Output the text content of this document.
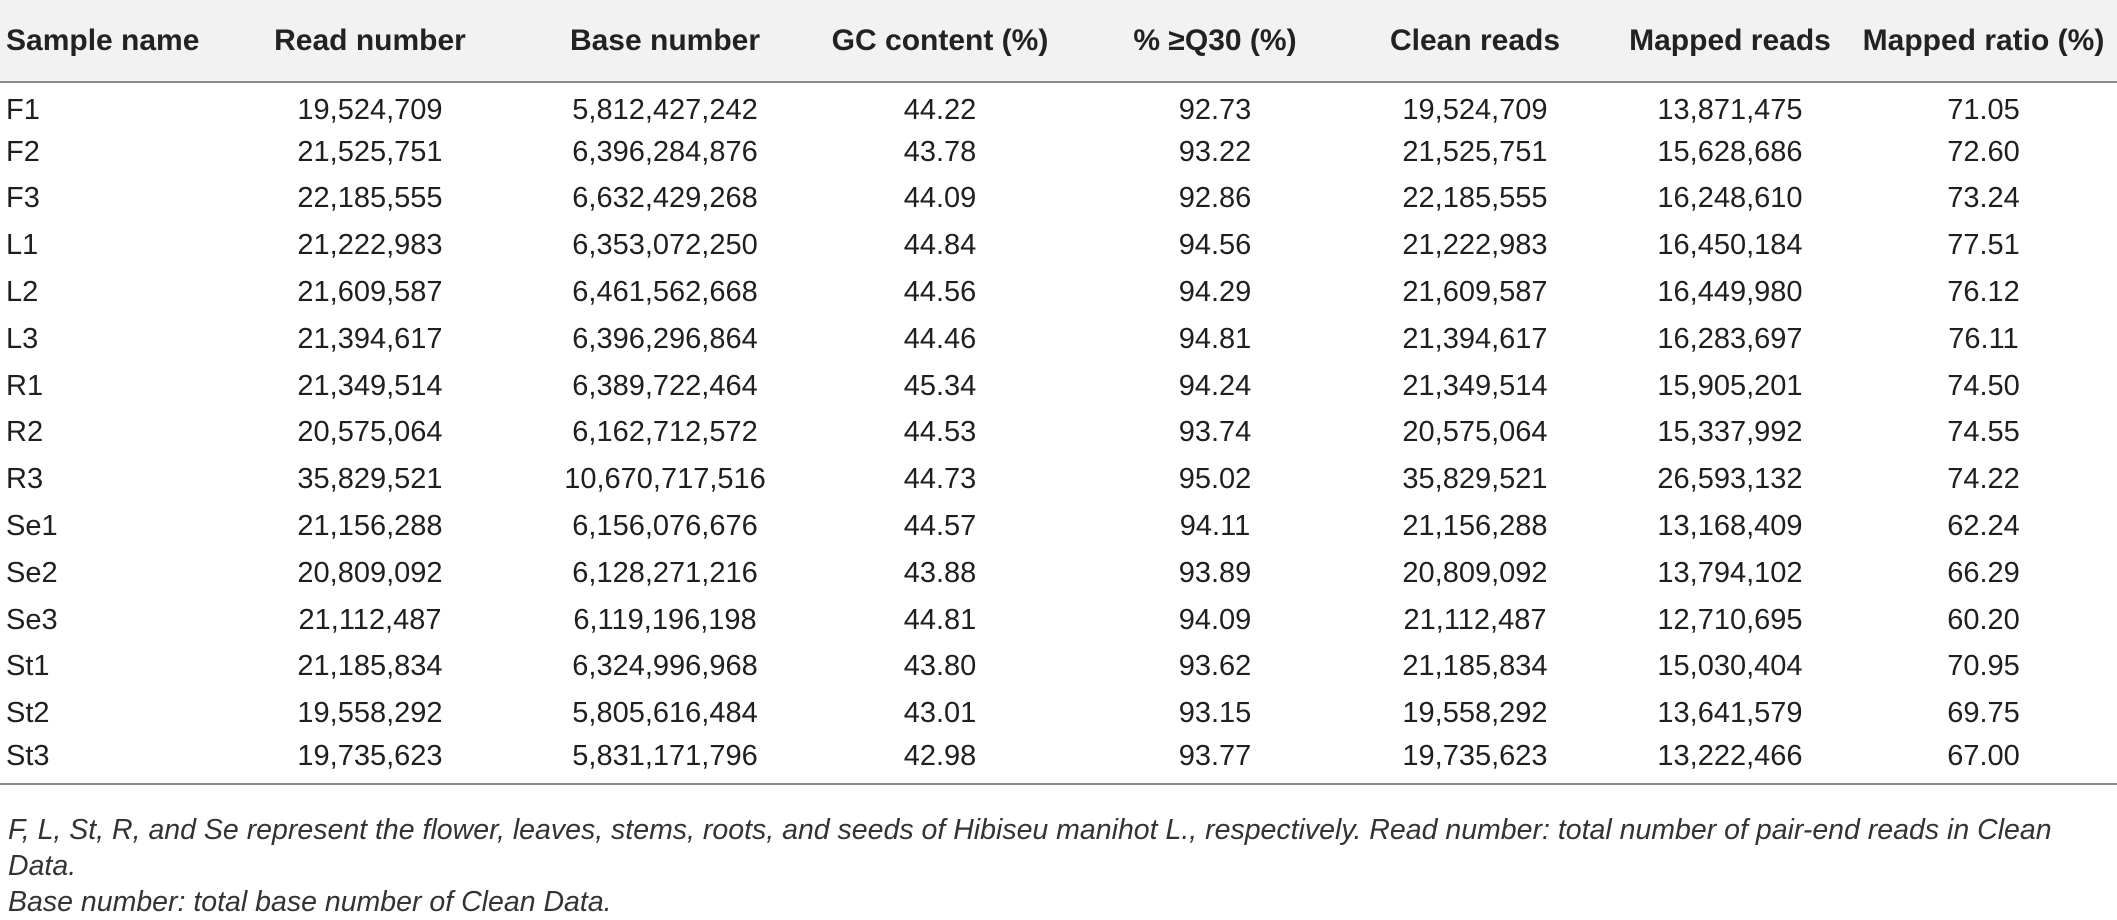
Sample name	Read number	Base number	GC content (%)	% ≥Q30 (%)	Clean reads	Mapped reads	Mapped ratio (%)
F1	19,524,709	5,812,427,242	44.22	92.73	19,524,709	13,871,475	71.05
F2	21,525,751	6,396,284,876	43.78	93.22	21,525,751	15,628,686	72.60
F3	22,185,555	6,632,429,268	44.09	92.86	22,185,555	16,248,610	73.24
L1	21,222,983	6,353,072,250	44.84	94.56	21,222,983	16,450,184	77.51
L2	21,609,587	6,461,562,668	44.56	94.29	21,609,587	16,449,980	76.12
L3	21,394,617	6,396,296,864	44.46	94.81	21,394,617	16,283,697	76.11
R1	21,349,514	6,389,722,464	45.34	94.24	21,349,514	15,905,201	74.50
R2	20,575,064	6,162,712,572	44.53	93.74	20,575,064	15,337,992	74.55
R3	35,829,521	10,670,717,516	44.73	95.02	35,829,521	26,593,132	74.22
Se1	21,156,288	6,156,076,676	44.57	94.11	21,156,288	13,168,409	62.24
Se2	20,809,092	6,128,271,216	43.88	93.89	20,809,092	13,794,102	66.29
Se3	21,112,487	6,119,196,198	44.81	94.09	21,112,487	12,710,695	60.20
St1	21,185,834	6,324,996,968	43.80	93.62	21,185,834	15,030,404	70.95
St2	19,558,292	5,805,616,484	43.01	93.15	19,558,292	13,641,579	69.75
St3	19,735,623	5,831,171,796	42.98	93.77	19,735,623	13,222,466	67.00
F, L, St, R, and Se represent the flower, leaves, stems, roots, and seeds of Hibiseu manihot L., respectively. Read number: total number of pair-end reads in Clean Data.
Base number: total base number of Clean Data.
